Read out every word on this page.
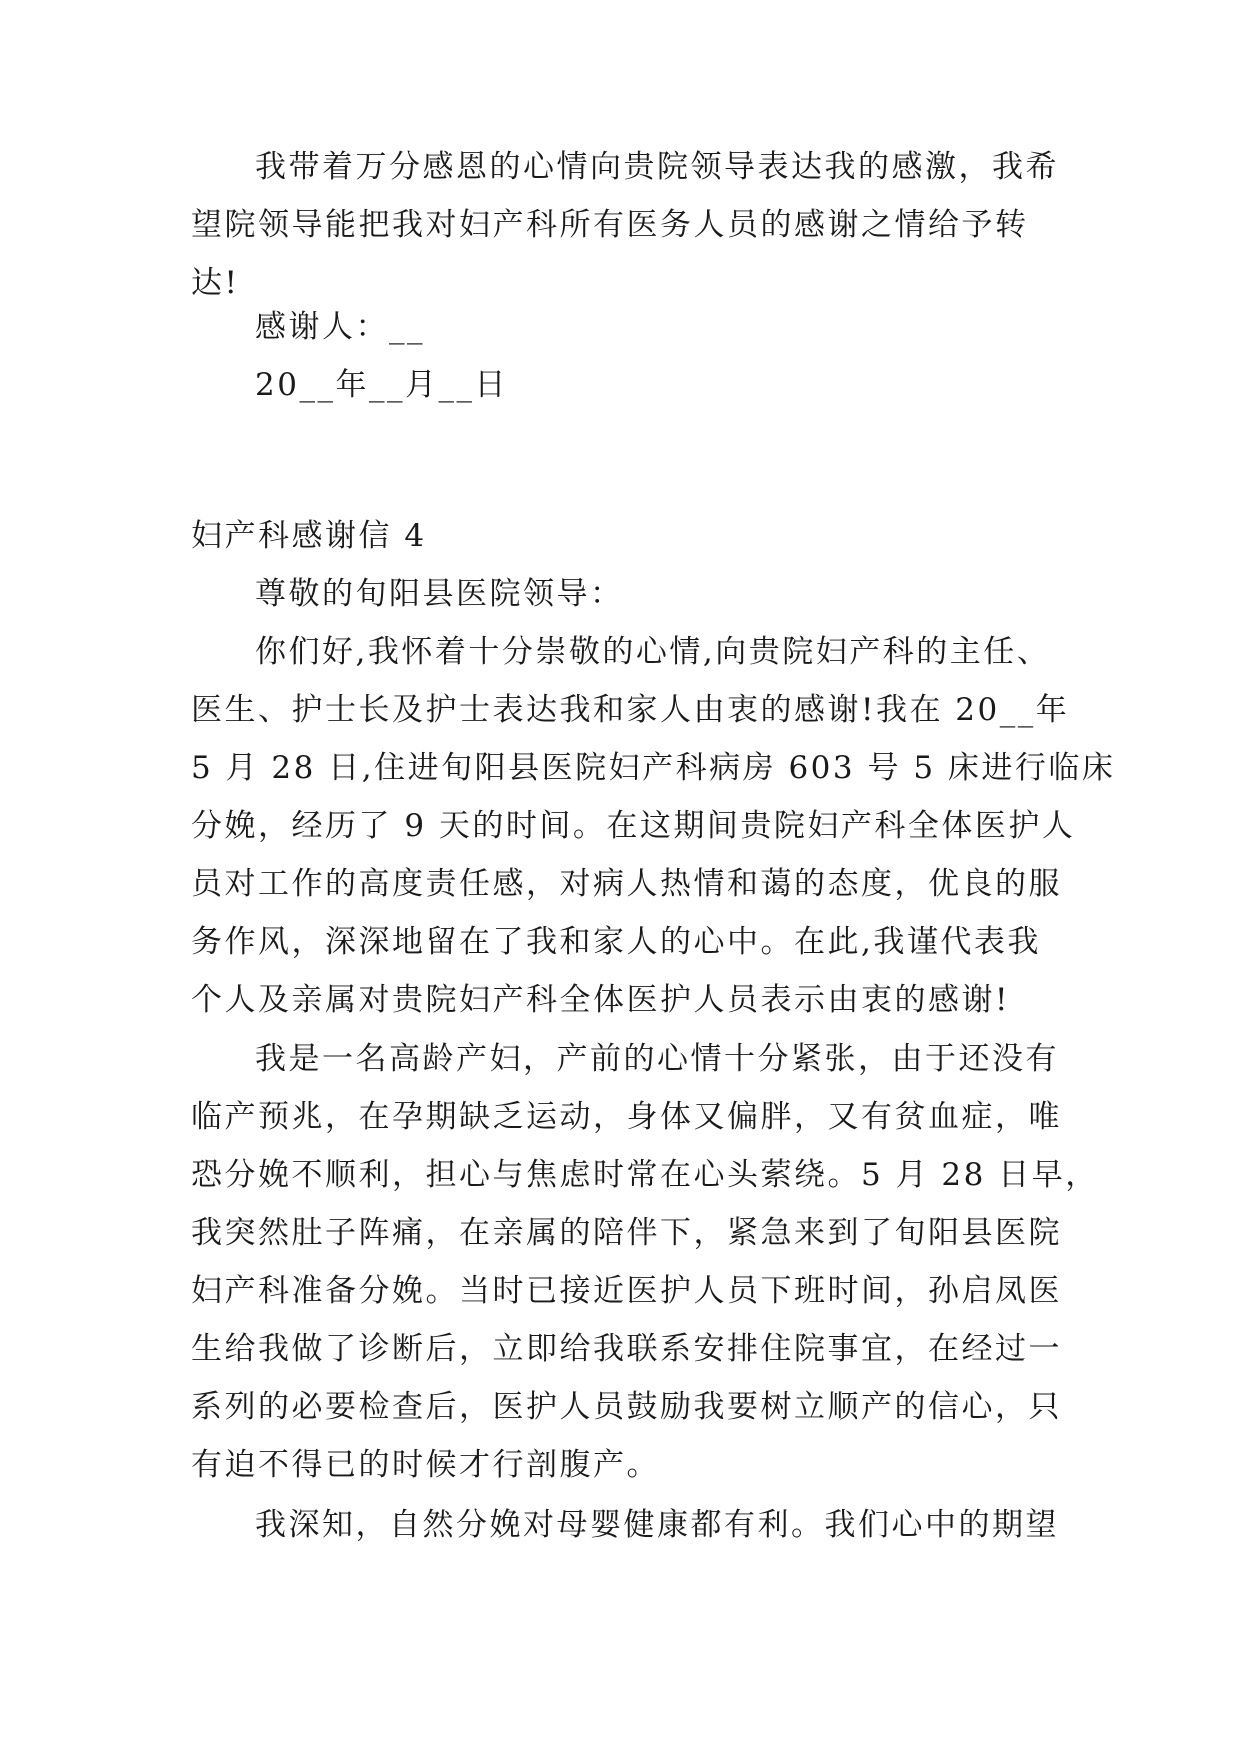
我带着万分感恩的心情向贵院领导表达我的感激，我希
望院领导能把我对妇产科所有医务人员的感谢之情给予转
达!
感谢人：__
20__年__月__日
妇产科感谢信 4
尊敬的旬阳县医院领导：
你们好,我怀着十分崇敬的心情,向贵院妇产科的主任、
医生、护士长及护士表达我和家人由衷的感谢!我在 20__年
5 月 28 日,住进旬阳县医院妇产科病房 603 号 5 床进行临床
分娩，经历了 9 天的时间。在这期间贵院妇产科全体医护人
员对工作的高度责任感，对病人热情和蔼的态度，优良的服
务作风，深深地留在了我和家人的心中。在此,我谨代表我
个人及亲属对贵院妇产科全体医护人员表示由衷的感谢!
我是一名高龄产妇，产前的心情十分紧张，由于还没有
临产预兆，在孕期缺乏运动，身体又偏胖，又有贫血症，唯
恐分娩不顺利，担心与焦虑时常在心头萦绕。5 月 28 日早，
我突然肚子阵痛，在亲属的陪伴下，紧急来到了旬阳县医院
妇产科准备分娩。当时已接近医护人员下班时间，孙启凤医
生给我做了诊断后，立即给我联系安排住院事宜，在经过一
系列的必要检查后，医护人员鼓励我要树立顺产的信心，只
有迫不得已的时候才行剖腹产。
我深知，自然分娩对母婴健康都有利。我们心中的期望
